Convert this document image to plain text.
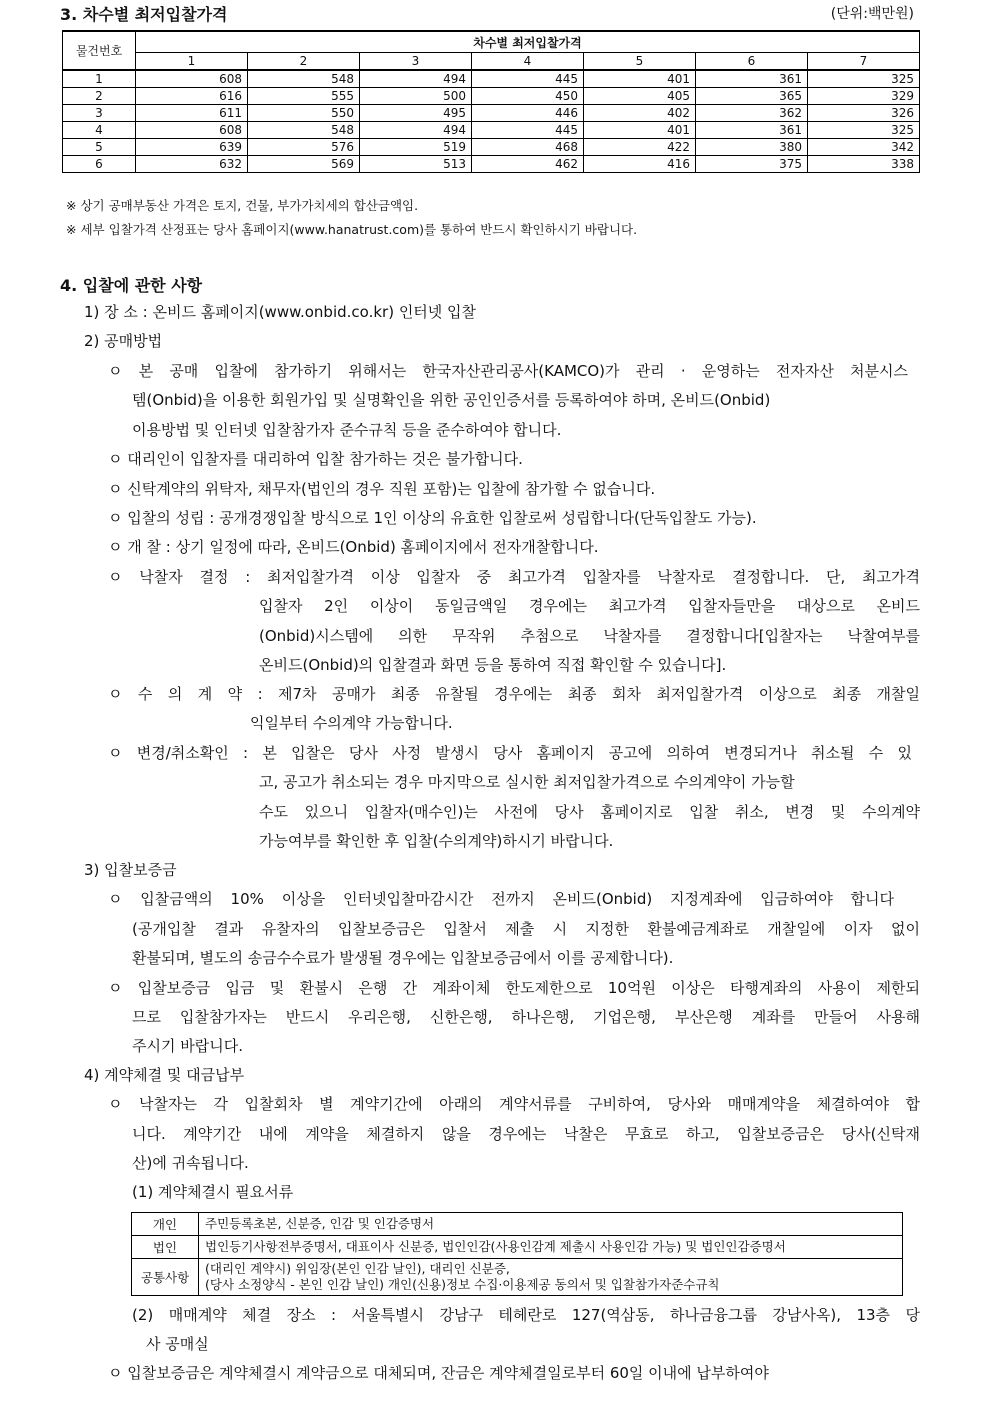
3. 차수별 최저입찰가격	(단위:백만원)
물건번호	차수별 최저입찰가격						
	1	2	3	4	5	6	7
1	608	548	494	445	401	361	325
2	616	555	500	450	405	365	329
3	611	550	495	446	402	362	326
4	608	548	494	445	401	361	325
5	639	576	519	468	422	380	342
6	632	569	513	462	416	375	338
※ 상기 공매부동산 가격은 토지, 건물, 부가가치세의 합산금액임.
※ 세부 입찰가격 산정표는 당사 홈페이지(www.hanatrust.com)를 통하여 반드시 확인하시기 바랍니다.
4. 입찰에 관한 사항
1) 장 소 : 온비드 홈페이지(www.onbid.co.kr) 인터넷 입찰
2) 공매방법
ㅇ 본 공매 입찰에 참가하기 위해서는 한국자산관리공사(KAMCO)가 관리 · 운영하는 전자자산 처분시스
템(Onbid)을 이용한 회원가입 및 실명확인을 위한 공인인증서를 등록하여야 하며, 온비드(Onbid)
이용방법 및 인터넷 입찰참가자 준수규칙 등을 준수하여야 합니다.
ㅇ 대리인이 입찰자를 대리하여 입찰 참가하는 것은 불가합니다.
ㅇ 신탁계약의 위탁자, 채무자(법인의 경우 직원 포함)는 입찰에 참가할 수 없습니다.
ㅇ 입찰의 성립 : 공개경쟁입찰 방식으로 1인 이상의 유효한 입찰로써 성립합니다(단독입찰도 가능).
ㅇ 개 찰 : 상기 일정에 따라, 온비드(Onbid) 홈페이지에서 전자개찰합니다.
ㅇ 낙찰자 결정 : 최저입찰가격 이상 입찰자 중 최고가격 입찰자를 낙찰자로 결정합니다. 단, 최고가격
입찰자 2인 이상이 동일금액일 경우에는 최고가격 입찰자들만을 대상으로 온비드
(Onbid)시스템에 의한 무작위 추첨으로 낙찰자를 결정합니다[입찰자는 낙찰여부를
온비드(Onbid)의 입찰결과 화면 등을 통하여 직접 확인할 수 있습니다].
ㅇ 수 의 계 약 : 제7차 공매가 최종 유찰될 경우에는 최종 회차 최저입찰가격 이상으로 최종 개찰일
익일부터 수의계약 가능합니다.
ㅇ 변경/취소확인 : 본 입찰은 당사 사정 발생시 당사 홈페이지 공고에 의하여 변경되거나 취소될 수 있
고, 공고가 취소되는 경우 마지막으로 실시한 최저입찰가격으로 수의계약이 가능할
수도 있으니 입찰자(매수인)는 사전에 당사 홈페이지로 입찰 취소, 변경 및 수의계약
가능여부를 확인한 후 입찰(수의계약)하시기 바랍니다.
3) 입찰보증금
ㅇ 입찰금액의 10% 이상을 인터넷입찰마감시간 전까지 온비드(Onbid) 지정계좌에 입금하여야 합니다
(공개입찰 결과 유찰자의 입찰보증금은 입찰서 제출 시 지정한 환불예금계좌로 개찰일에 이자 없이
환불되며, 별도의 송금수수료가 발생될 경우에는 입찰보증금에서 이를 공제합니다).
ㅇ 입찰보증금 입금 및 환불시 은행 간 계좌이체 한도제한으로 10억원 이상은 타행계좌의 사용이 제한되
므로 입찰참가자는 반드시 우리은행, 신한은행, 하나은행, 기업은행, 부산은행 계좌를 만들어 사용해
주시기 바랍니다.
4) 계약체결 및 대금납부
ㅇ 낙찰자는 각 입찰회차 별 계약기간에 아래의 계약서류를 구비하여, 당사와 매매계약을 체결하여야 합
니다. 계약기간 내에 계약을 체결하지 않을 경우에는 낙찰은 무효로 하고, 입찰보증금은 당사(신탁재
산)에 귀속됩니다.
(1) 계약체결시 필요서류
개인	주민등록초본, 신분증, 인감 및 인감증명서
법인	법인등기사항전부증명서, 대표이사 신분증, 법인인감(사용인감계 제출시 사용인감 가능) 및 법인인감증명서
공통사항	(대리인 계약시) 위임장(본인 인감 날인), 대리인 신분증,
(당사 소정양식 - 본인 인감 날인) 개인(신용)정보 수집·이용제공 동의서 및 입찰참가자준수규칙
(2) 매매계약 체결 장소 : 서울특별시 강남구 테헤란로 127(역삼동, 하나금융그룹 강남사옥), 13층 당
사 공매실
ㅇ 입찰보증금은 계약체결시 계약금으로 대체되며, 잔금은 계약체결일로부터 60일 이내에 납부하여야
